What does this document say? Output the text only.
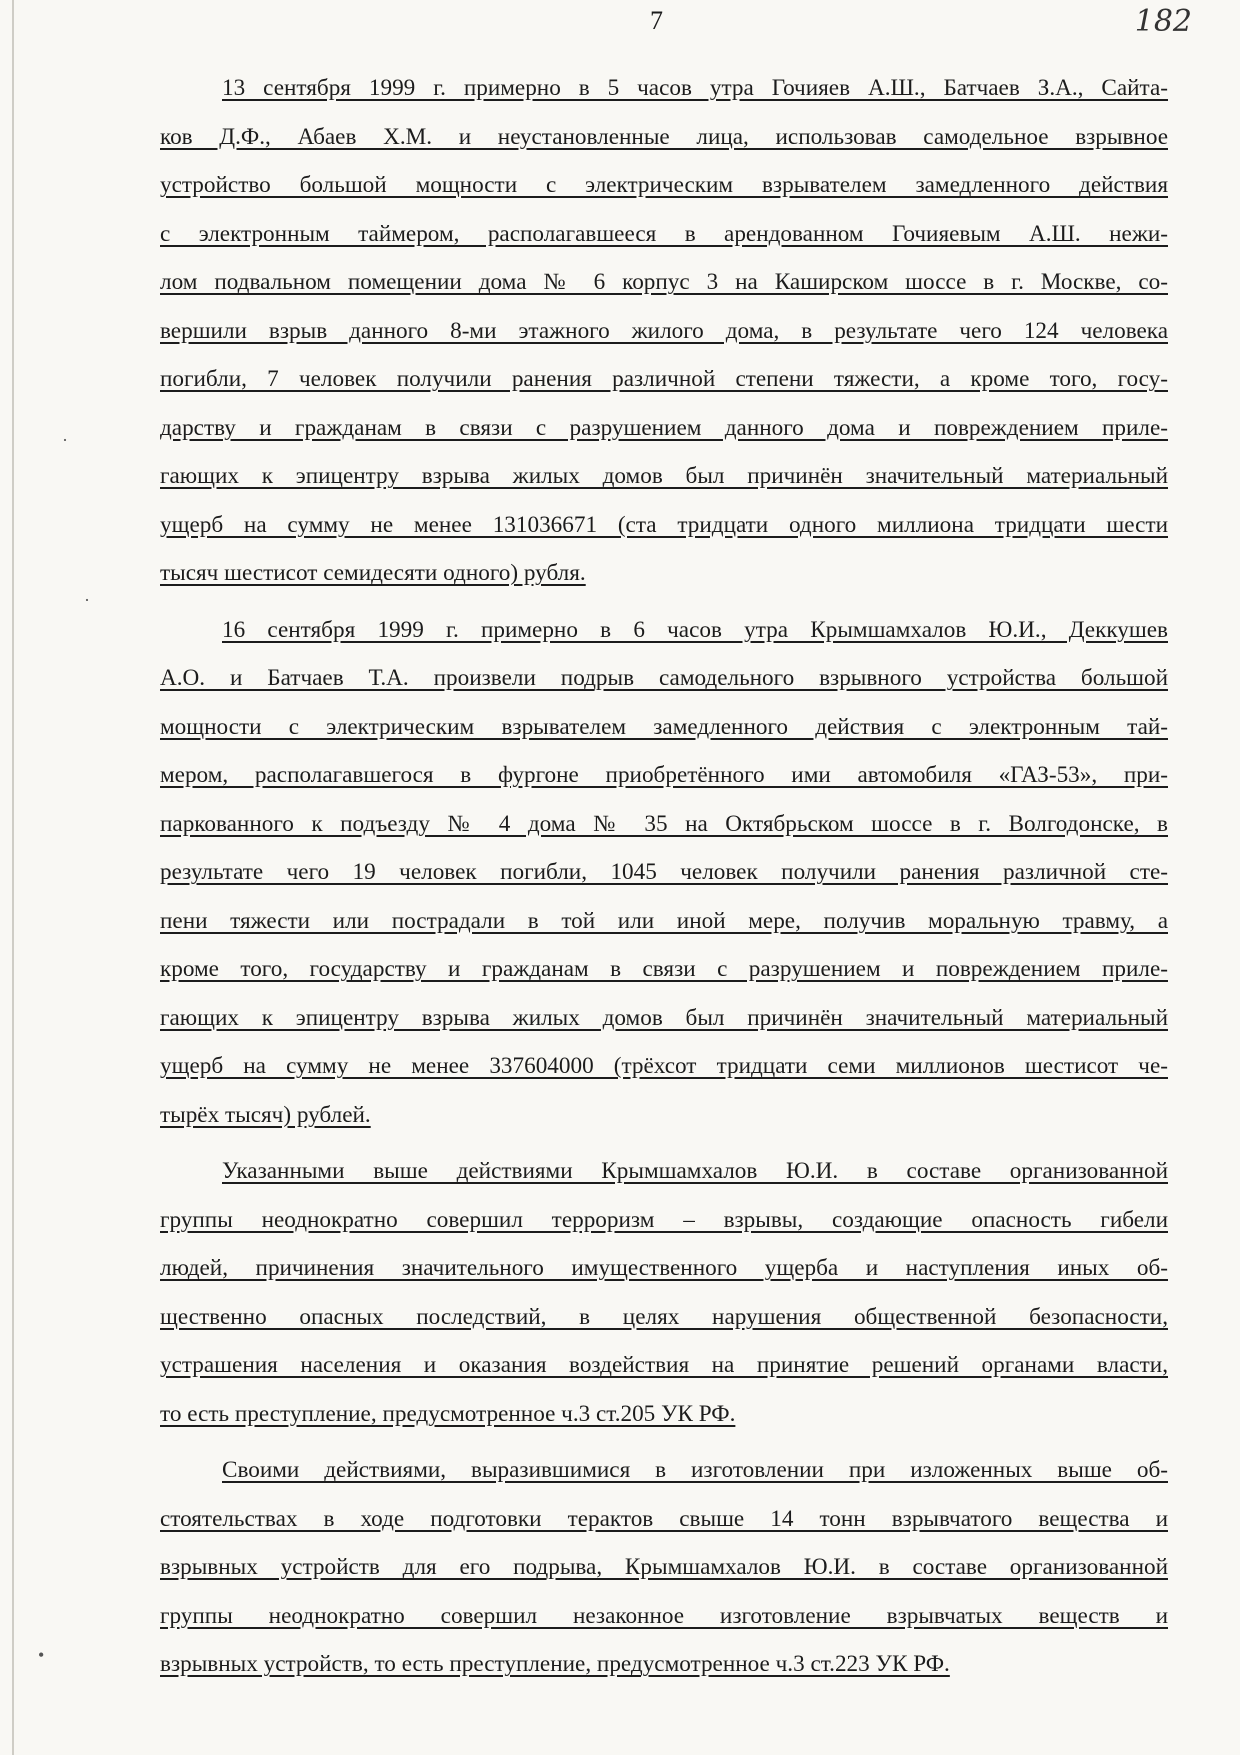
7	182
·
·
•
13 сентября 1999 г. примерно в 5 часов утра Гочияев А.Ш., Батчаев З.А., Сайта-
ков Д.Ф., Абаев Х.М. и неустановленные лица, использовав самодельное взрывное
устройство большой мощности с электрическим взрывателем замедленного действия
с электронным таймером, располагавшееся в арендованном Гочияевым А.Ш. нежи-
лом подвальном помещении дома № 6 корпус 3 на Каширском шоссе в г. Москве, со-
вершили взрыв данного 8-ми этажного жилого дома, в результате чего 124 человека
погибли, 7 человек получили ранения различной степени тяжести, а кроме того, госу-
дарству и гражданам в связи с разрушением данного дома и повреждением приле-
гающих к эпицентру взрыва жилых домов был причинён значительный материальный
ущерб на сумму не менее 131036671 (ста тридцати одного миллиона тридцати шести
тысяч шестисот семидесяти одного) рубля.
16 сентября 1999 г. примерно в 6 часов утра Крымшамхалов Ю.И., Деккушев
А.О. и Батчаев Т.А. произвели подрыв самодельного взрывного устройства большой
мощности с электрическим взрывателем замедленного действия с электронным тай-
мером, располагавшегося в фургоне приобретённого ими автомобиля «ГАЗ-53», при-
паркованного к подъезду № 4 дома № 35 на Октябрьском шоссе в г. Волгодонске, в
результате чего 19 человек погибли, 1045 человек получили ранения различной сте-
пени тяжести или пострадали в той или иной мере, получив моральную травму, а
кроме того, государству и гражданам в связи с разрушением и повреждением приле-
гающих к эпицентру взрыва жилых домов был причинён значительный материальный
ущерб на сумму не менее 337604000 (трёхсот тридцати семи миллионов шестисот че-
тырёх тысяч) рублей.
Указанными выше действиями Крымшамхалов Ю.И. в составе организованной
группы неоднократно совершил терроризм – взрывы, создающие опасность гибели
людей, причинения значительного имущественного ущерба и наступления иных об-
щественно опасных последствий, в целях нарушения общественной безопасности,
устрашения населения и оказания воздействия на принятие решений органами власти,
то есть преступление, предусмотренное ч.3 ст.205 УК РФ.
Своими действиями, выразившимися в изготовлении при изложенных выше об-
стоятельствах в ходе подготовки терактов свыше 14 тонн взрывчатого вещества и
взрывных устройств для его подрыва, Крымшамхалов Ю.И. в составе организованной
группы неоднократно совершил незаконное изготовление взрывчатых веществ и
взрывных устройств, то есть преступление, предусмотренное ч.3 ст.223 УК РФ.
